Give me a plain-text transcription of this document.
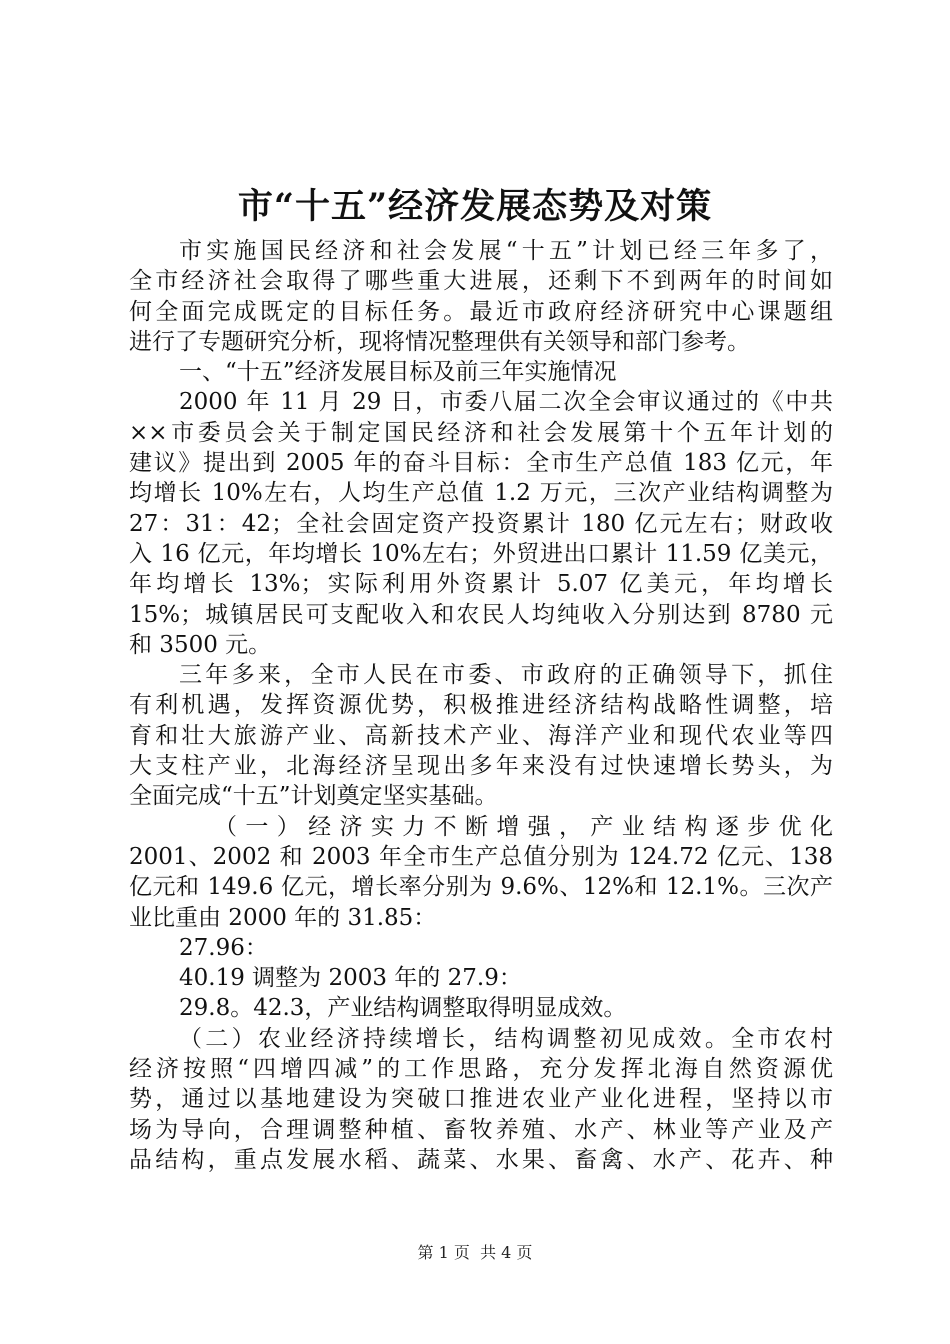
市“十五”经济发展态势及对策
市实施国民经济和社会发展“十五”计划已经三年多了，
全市经济社会取得了哪些重大进展，还剩下不到两年的时间如
何全面完成既定的目标任务。最近市政府经济研究中心课题组
进行了专题研究分析，现将情况整理供有关领导和部门参考。
一、“十五”经济发展目标及前三年实施情况
2000 年 11 月 29 日，市委八届二次全会审议通过的《中共
××市委员会关于制定国民经济和社会发展第十个五年计划的
建议》提出到 2005 年的奋斗目标：全市生产总值 183 亿元，年
均增长 10%左右，人均生产总值 1.2 万元，三次产业结构调整为
27：31：42；全社会固定资产投资累计 180 亿元左右；财政收
入 16 亿元，年均增长 10%左右；外贸进出口累计 11.59 亿美元，
年均增长 13%；实际利用外资累计 5.07 亿美元，年均增长
15%；城镇居民可支配收入和农民人均纯收入分别达到 8780 元
和 3500 元。
三年多来，全市人民在市委、市政府的正确领导下，抓住
有利机遇，发挥资源优势，积极推进经济结构战略性调整，培
育和壮大旅游产业、高新技术产业、海洋产业和现代农业等四
大支柱产业，北海经济呈现出多年来没有过快速增长势头，为
全面完成“十五”计划奠定坚实基础。
（一）经济实力不断增强，产业结构逐步优化
2001、2002 和 2003 年全市生产总值分别为 124.72 亿元、138
亿元和 149.6 亿元，增长率分别为 9.6%、12%和 12.1%。三次产
业比重由 2000 年的 31.85：
27.96：
40.19 调整为 2003 年的 27.9：
29.8。42.3，产业结构调整取得明显成效。
（二）农业经济持续增长，结构调整初见成效。全市农村
经济按照“四增四减”的工作思路，充分发挥北海自然资源优
势，通过以基地建设为突破口推进农业产业化进程，坚持以市
场为导向，合理调整种植、畜牧养殖、水产、林业等产业及产
品结构，重点发展水稻、蔬菜、水果、畜禽、水产、花卉、种
第 1 页 共 4 页
